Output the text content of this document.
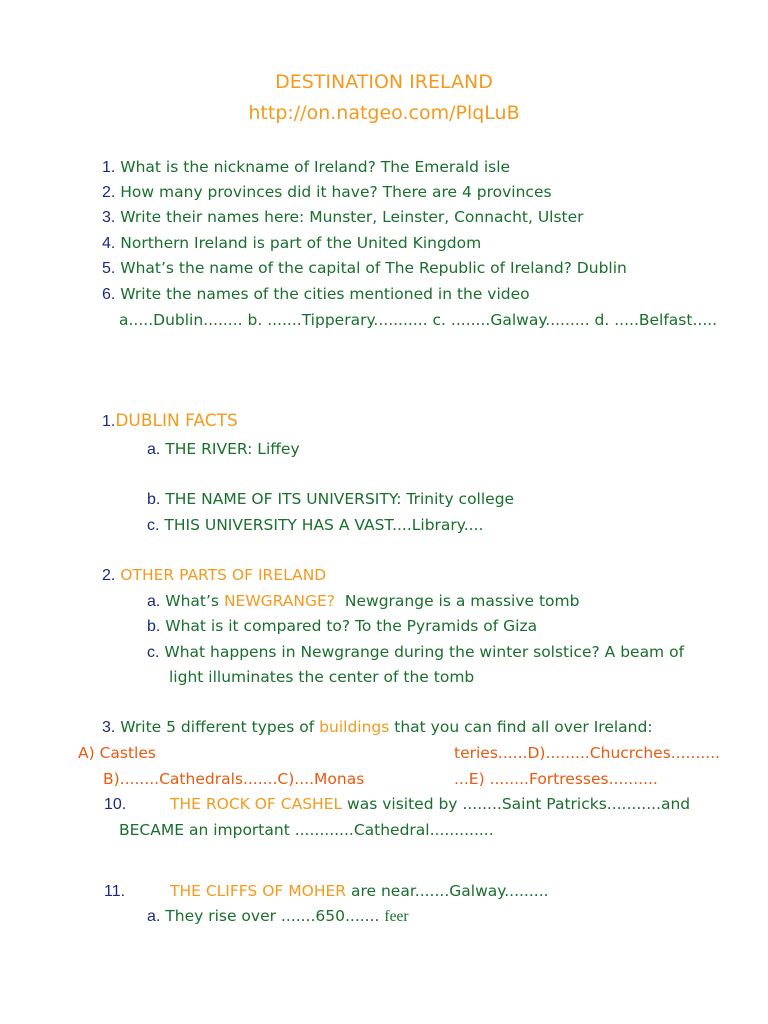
DESTINATION IRELAND
http://on.natgeo.com/PlqLuB
1. What is the nickname of Ireland? The Emerald isle
2. How many provinces did it have? There are 4 provinces
3. Write their names here: Munster, Leinster, Connacht, Ulster
4. Northern Ireland is part of the United Kingdom
5. What’s the name of the capital of The Republic of Ireland? Dublin
6. Write the names of the cities mentioned in the video
a.....Dublin........ b. .......Tipperary........... c. ........Galway......... d. .....Belfast.....
1.DUBLIN FACTS
a. THE RIVER: Liffey
b. THE NAME OF ITS UNIVERSITY: Trinity college
c. THIS UNIVERSITY HAS A VAST....Library....
2. OTHER PARTS OF IRELAND
a. What’s NEWGRANGE?  Newgrange is a massive tomb
b. What is it compared to? To the Pyramids of Giza
c. What happens in Newgrange during the winter solstice? A beam of
light illuminates the center of the tomb
3. Write 5 different types of buildings that you can find all over Ireland:
A) Castles	teries......D).........Chucrches..........
B)........Cathedrals.......C)....Monas	...E) ........Fortresses..........
10.	THE ROCK OF CASHEL was visited by ........Saint Patricks...........and
BECAME an important ............Cathedral.............
11.	THE CLIFFS OF MOHER are near.......Galway.........
a. They rise over .......650....... feer
